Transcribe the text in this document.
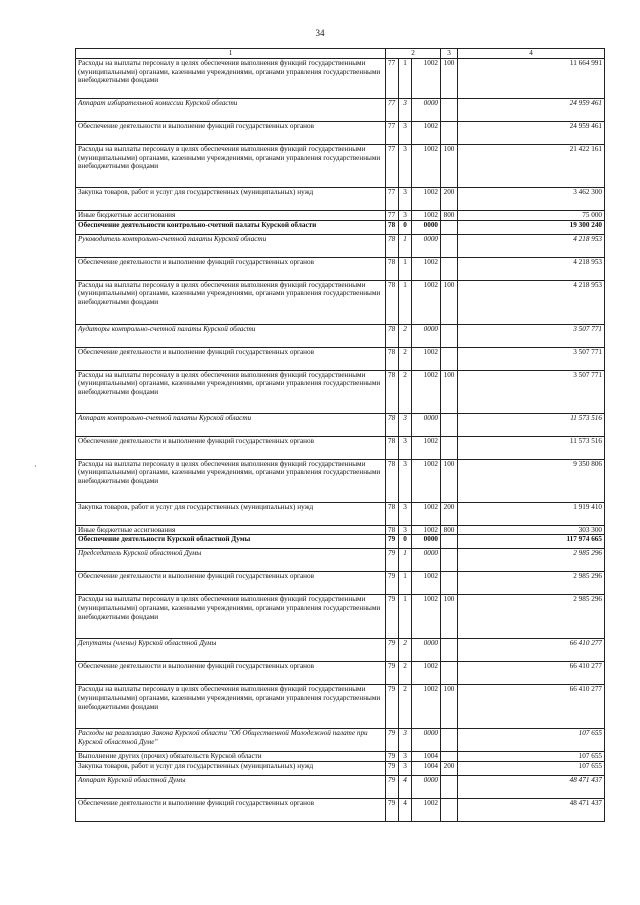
34
1	2			3	4
Расходы на выплаты персоналу в целях обеспечения выполнения функций государственными (муниципальными) органами, казенными учреждениями, органами управления государственными внебюджетными фондами	77	1	1002	100	11 664 991
Аппарат избирательной комиссии Курской области	77	3	0000		24 959 461
Обеспечение деятельности и выполнение функций государственных органов	77	3	1002		24 959 461
Расходы на выплаты персоналу в целях обеспечения выполнения функций государственными (муниципальными) органами, казенными учреждениями, органами управления государственными внебюджетными фондами	77	3	1002	100	21 422 161
Закупка товаров, работ и услуг для государственных (муниципальных) нужд	77	3	1002	200	3 462 300
Иные бюджетные ассигнования	77	3	1002	800	75 000
Обеспечение деятельности контрольно-счетной палаты Курской области	78	0	0000		19 300 240
Руководитель контрольно-счетной палаты Курской области	78	1	0000		4 218 953
Обеспечение деятельности и выполнение функций государственных органов	78	1	1002		4 218 953
Расходы на выплаты персоналу в целях обеспечения выполнения функций государственными (муниципальными) органами, казенными учреждениями, органами управления государственными внебюджетными фондами	78	1	1002	100	4 218 953
Аудиторы контрольно-счетной палаты Курской области	78	2	0000		3 507 771
Обеспечение деятельности и выполнение функций государственных органов	78	2	1002		3 507 771
Расходы на выплаты персоналу в целях обеспечения выполнения функций государственными (муниципальными) органами, казенными учреждениями, органами управления государственными внебюджетными фондами	78	2	1002	100	3 507 771
Аппарат контрольно-счетной палаты Курской области	78	3	0000		11 573 516
Обеспечение деятельности и выполнение функций государственных органов	78	3	1002		11 573 516
Расходы на выплаты персоналу в целях обеспечения выполнения функций государственными (муниципальными) органами, казенными учреждениями, органами управления государственными внебюджетными фондами	78	3	1002	100	9 350 806
Закупка товаров, работ и услуг для государственных (муниципальных) нужд	78	3	1002	200	1 919 410
Иные бюджетные ассигнования	78	3	1002	800	303 300
Обеспечение деятельности Курской областной Думы	79	0	0000		117 974 665
Председатель Курской областной Думы	79	1	0000		2 985 296
Обеспечение деятельности и выполнение функций государственных органов	79	1	1002		2 985 296
Расходы на выплаты персоналу в целях обеспечения выполнения функций государственными (муниципальными) органами, казенными учреждениями, органами управления государственными внебюджетными фондами	79	1	1002	100	2 985 296
Депутаты (члены) Курской областной Думы	79	2	0000		66 410 277
Обеспечение деятельности и выполнение функций государственных органов	79	2	1002		66 410 277
Расходы на выплаты персоналу в целях обеспечения выполнения функций государственными (муниципальными) органами, казенными учреждениями, органами управления государственными внебюджетными фондами	79	2	1002	100	66 410 277
Расходы на реализацию Закона Курской области "Об Общественной Молодежной палате при Курской областной Думе"	79	3	0000		107 655
Выполнение других (прочих) обязательств Курской области	79	3	1004		107 655
Закупка товаров, работ и услуг для государственных (муниципальных) нужд	79	3	1004	200	107 655
Аппарат Курской областной Думы	79	4	0000		48 471 437
Обеспечение деятельности и выполнение функций государственных органов	79	4	1002		48 471 437
·
